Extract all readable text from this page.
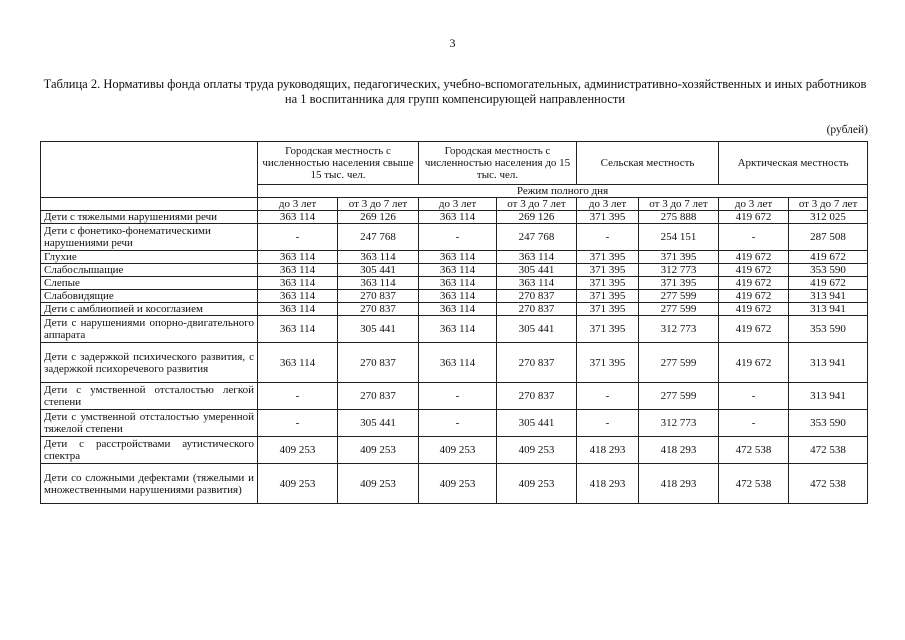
3
Таблица 2. Нормативы фонда оплаты труда руководящих, педагогических, учебно-вспомогательных, административно-хозяйственных и иных работников на 1 воспитанника для групп компенсирующей направленности
(рублей)
	Городская местность с численностью населения свыше 15 тыс. чел.		Городская местность с численностью населения до 15 тыс. чел.		Сельская местность		Арктическая местность	
	Режим полного дня							
	до 3 лет	от 3 до 7 лет	до 3 лет	от 3 до 7 лет	до 3 лет	от 3 до 7 лет	до 3 лет	от 3 до 7 лет
Дети с тяжелыми нарушениями речи	363 114	269 126	363 114	269 126	371 395	275 888	419 672	312 025
Дети с фонетико-фонематическими нарушениями речи	-	247 768	-	247 768	-	254 151	-	287 508
Глухие	363 114	363 114	363 114	363 114	371 395	371 395	419 672	419 672
Слабослышащие	363 114	305 441	363 114	305 441	371 395	312 773	419 672	353 590
Слепые	363 114	363 114	363 114	363 114	371 395	371 395	419 672	419 672
Слабовидящие	363 114	270 837	363 114	270 837	371 395	277 599	419 672	313 941
Дети с амблиопией и косоглазием	363 114	270 837	363 114	270 837	371 395	277 599	419 672	313 941
Дети с нарушениями опорно-двигательного аппарата	363 114	305 441	363 114	305 441	371 395	312 773	419 672	353 590
Дети с задержкой психического развития, с задержкой психоречевого развития	363 114	270 837	363 114	270 837	371 395	277 599	419 672	313 941
Дети с умственной отсталостью легкой степени	-	270 837	-	270 837	-	277 599	-	313 941
Дети с умственной отсталостью умеренной тяжелой степени	-	305 441	-	305 441	-	312 773	-	353 590
Дети с расстройствами аутистического спектра	409 253	409 253	409 253	409 253	418 293	418 293	472 538	472 538
Дети со сложными дефектами (тяжелыми и множественными нарушениями развития)	409 253	409 253	409 253	409 253	418 293	418 293	472 538	472 538
